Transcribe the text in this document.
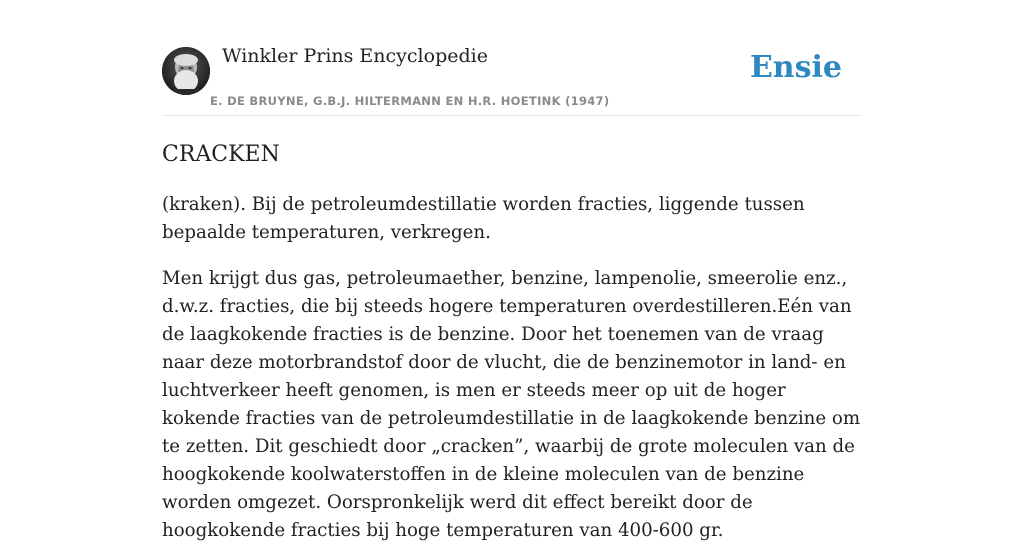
Winkler Prins Encyclopedie
E. DE BRUYNE, G.B.J. HILTERMANN EN H.R. HOETINK (1947)
Ensie
CRACKEN

(kraken). Bij de petroleumdestillatie worden fracties, liggende tussen bepaalde temperaturen, verkregen.

Men krijgt dus gas, petroleumaether, benzine, lampenolie, smeerolie enz., d.w.z. fracties, die bij steeds hogere temperaturen overdestilleren.Eén van de laagkokende fracties is de benzine. Door het toenemen van de vraag naar deze motorbrandstof door de vlucht, die de benzinemotor in land- en luchtverkeer heeft genomen, is men er steeds meer op uit de hoger kokende fracties van de petroleumdestillatie in de laagkokende benzine om te zetten. Dit geschiedt door „cracken”, waarbij de grote moleculen van de hoogkokende koolwaterstoffen in de kleine moleculen van de benzine worden omgezet. Oorspronkelijk werd dit effect bereikt door de hoogkokende fracties bij hoge temperaturen van 400-600 gr.
